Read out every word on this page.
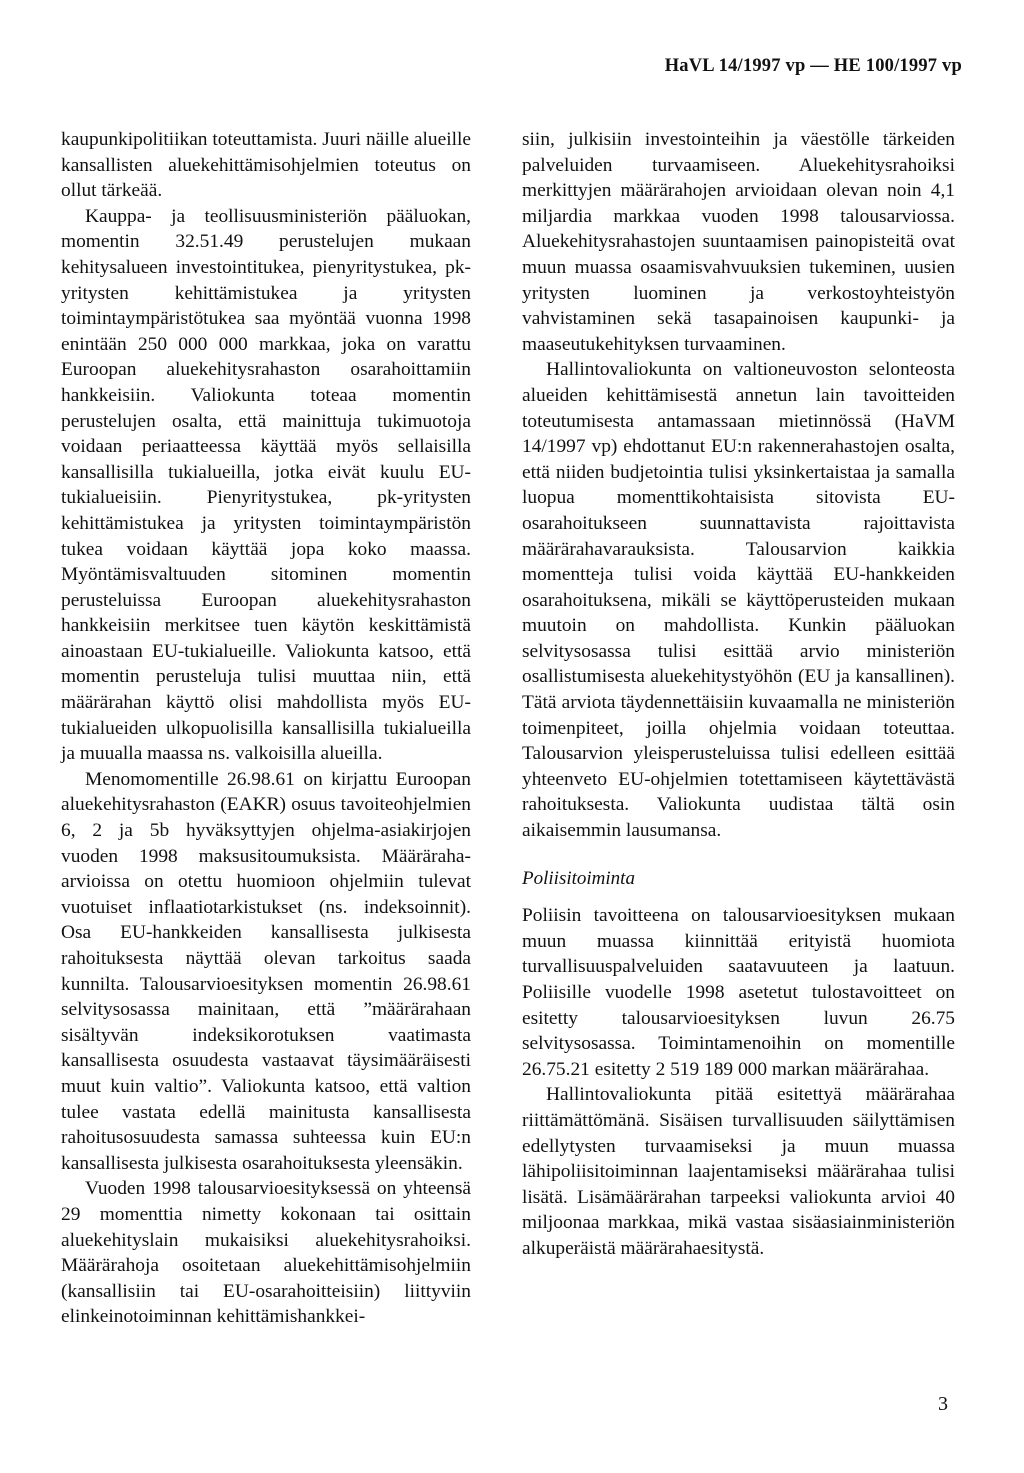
HaVL 14/1997 vp — HE 100/1997 vp

kaupunkipolitiikan toteuttamista. Juuri näille alueille kansallisten aluekehittämisohjelmien toteutus on ollut tärkeää.

Kauppa- ja teollisuusministeriön pääluokan, momentin 32.51.49 perustelujen mukaan kehitysalueen investointitukea, pienyritystukea, pk-yritysten kehittämistukea ja yritysten toimintaympäristötukea saa myöntää vuonna 1998 enintään 250 000 000 markkaa, joka on varattu Euroopan aluekehitysrahaston osarahoittamiin hankkeisiin. Valiokunta toteaa momentin perustelujen osalta, että mainittuja tukimuotoja voidaan periaatteessa käyttää myös sellaisilla kansallisilla tukialueilla, jotka eivät kuulu EU-tukialueisiin. Pienyritystukea, pk-yritysten kehittämistukea ja yritysten toimintaympäristön tukea voidaan käyttää jopa koko maassa. Myöntämisvaltuuden sitominen momentin perusteluissa Euroopan aluekehitysrahaston hankkeisiin merkitsee tuen käytön keskittämistä ainoastaan EU-tukialueille. Valiokunta katsoo, että momentin perusteluja tulisi muuttaa niin, että määrärahan käyttö olisi mahdollista myös EU-tukialueiden ulkopuolisilla kansallisilla tukialueilla ja muualla maassa ns. valkoisilla alueilla.

Menomomentille 26.98.61 on kirjattu Euroopan aluekehitysrahaston (EAKR) osuus tavoiteohjelmien 6, 2 ja 5b hyväksyttyjen ohjelma-asiakirjojen vuoden 1998 maksusitoumuksista. Määräraha-arvioissa on otettu huomioon ohjelmiin tulevat vuotuiset inflaatiotarkistukset (ns. indeksoinnit). Osa EU-hankkeiden kansallisesta julkisesta rahoituksesta näyttää olevan tarkoitus saada kunnilta. Talousarvioesityksen momentin 26.98.61 selvitysosassa mainitaan, että ”määrärahaan sisältyvän indeksikorotuksen vaatimasta kansallisesta osuudesta vastaavat täysimääräisesti muut kuin valtio”. Valiokunta katsoo, että valtion tulee vastata edellä mainitusta kansallisesta rahoitusosuudesta samassa suhteessa kuin EU:n kansallisesta julkisesta osarahoituksesta yleensäkin.

Vuoden 1998 talousarvioesityksessä on yhteensä 29 momenttia nimetty kokonaan tai osittain aluekehityslain mukaisiksi aluekehitysrahoiksi. Määrärahoja osoitetaan aluekehittämisohjelmiin (kansallisiin tai EU-osarahoitteisiin) liittyviin elinkeinotoiminnan kehittämishankkei-

siin, julkisiin investointeihin ja väestölle tärkeiden palveluiden turvaamiseen. Aluekehitysrahoiksi merkittyjen määrärahojen arvioidaan olevan noin 4,1 miljardia markkaa vuoden 1998 talousarviossa. Aluekehitysrahastojen suuntaamisen painopisteitä ovat muun muassa osaamisvahvuuksien tukeminen, uusien yritysten luominen ja verkostoyhteistyön vahvistaminen sekä tasapainoisen kaupunki- ja maaseutukehityksen turvaaminen.

Hallintovaliokunta on valtioneuvoston selonteosta alueiden kehittämisestä annetun lain tavoitteiden toteutumisesta antamassaan mietinnössä (HaVM 14/1997 vp) ehdottanut EU:n rakennerahastojen osalta, että niiden budjetointia tulisi yksinkertaistaa ja samalla luopua momenttikohtaisista sitovista EU-osarahoitukseen suunnattavista rajoittavista määrärahavarauksista. Talousarvion kaikkia momentteja tulisi voida käyttää EU-hankkeiden osarahoituksena, mikäli se käyttöperusteiden mukaan muutoin on mahdollista. Kunkin pääluokan selvitysosassa tulisi esittää arvio ministeriön osallistumisesta aluekehitystyöhön (EU ja kansallinen). Tätä arviota täydennettäisiin kuvaamalla ne ministeriön toimenpiteet, joilla ohjelmia voidaan toteuttaa. Talousarvion yleisperusteluissa tulisi edelleen esittää yhteenveto EU-ohjelmien totettamiseen käytettävästä rahoituksesta. Valiokunta uudistaa tältä osin aikaisemmin lausumansa.

Poliisitoiminta

Poliisin tavoitteena on talousarvioesityksen mukaan muun muassa kiinnittää erityistä huomiota turvallisuuspalveluiden saatavuuteen ja laatuun. Poliisille vuodelle 1998 asetetut tulostavoitteet on esitetty talousarvioesityksen luvun 26.75 selvitysosassa. Toimintamenoihin on momentille 26.75.21 esitetty 2 519 189 000 markan määrärahaa.

Hallintovaliokunta pitää esitettyä määrärahaa riittämättömänä. Sisäisen turvallisuuden säilyttämisen edellytysten turvaamiseksi ja muun muassa lähipoliisitoiminnan laajentamiseksi määrärahaa tulisi lisätä. Lisämäärärahan tarpeeksi valiokunta arvioi 40 miljoonaa markkaa, mikä vastaa sisäasiainministeriön alkuperäistä määrärahaesitystä.

3
